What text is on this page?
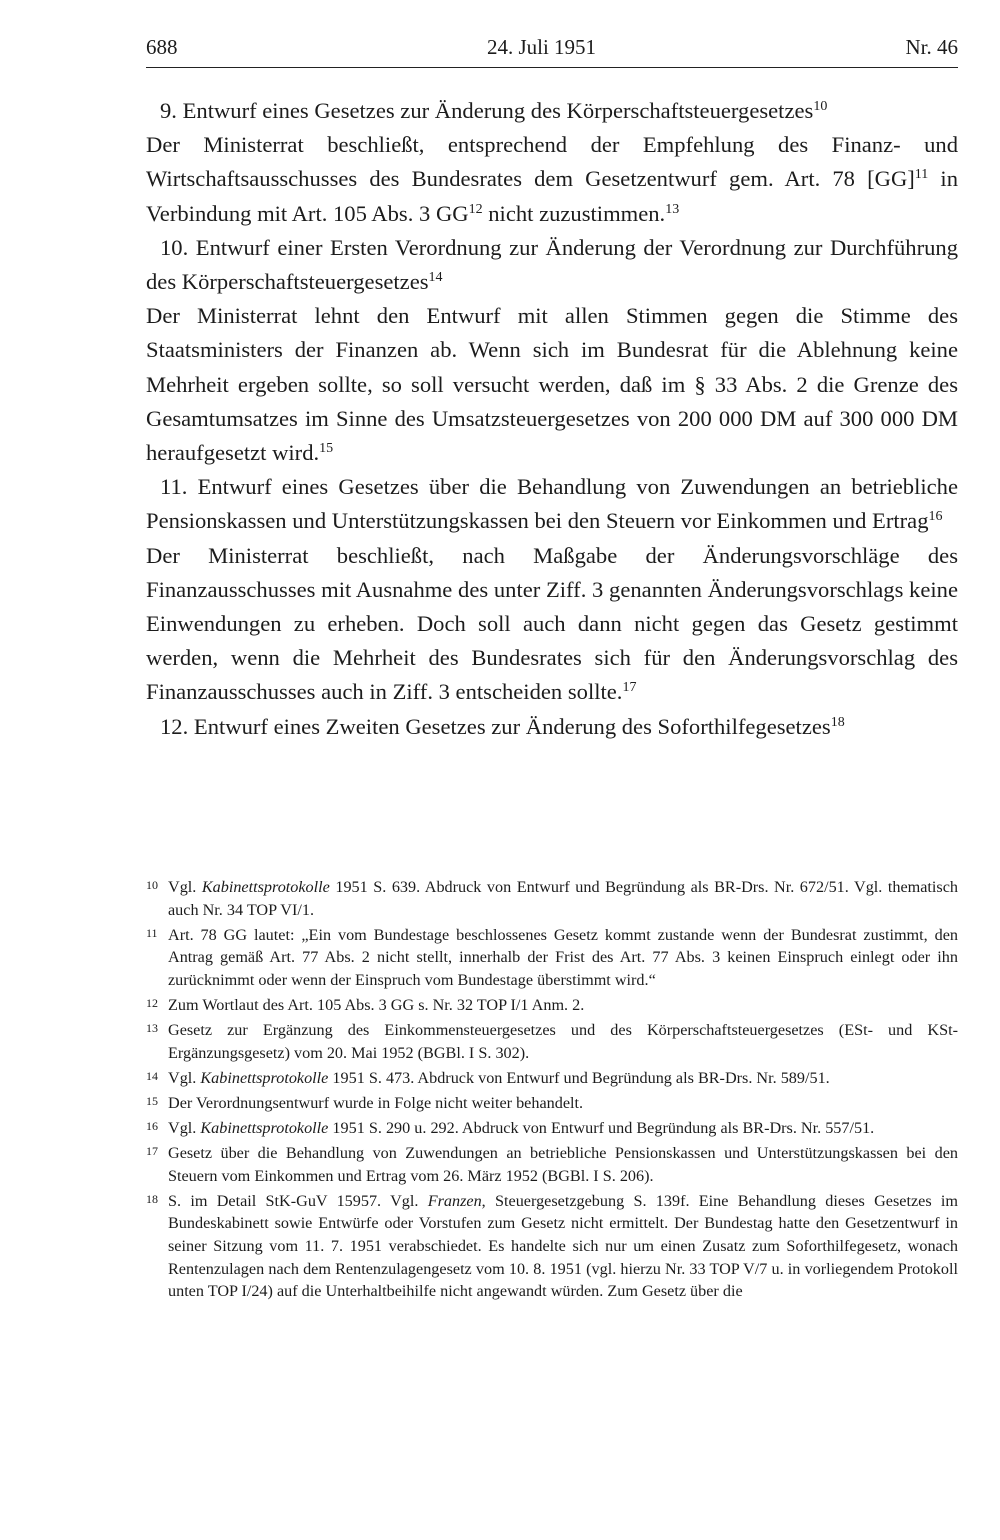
688	24. Juli 1951	Nr. 46

9. Entwurf eines Gesetzes zur Änderung des Körperschaftsteuergesetzes$^{10}$

Der Ministerrat beschließt, entsprechend der Empfehlung des Finanz- und Wirtschaftsausschusses des Bundesrates dem Gesetzentwurf gem. Art. 78 [GG]$^{11}$ in Verbindung mit Art. 105 Abs. 3 GG$^{12}$ nicht zuzustimmen.$^{13}$

10. Entwurf einer Ersten Verordnung zur Änderung der Verordnung zur Durchführung des Körperschaftsteuergesetzes$^{14}$

Der Ministerrat lehnt den Entwurf mit allen Stimmen gegen die Stimme des Staatsministers der Finanzen ab. Wenn sich im Bundesrat für die Ablehnung keine Mehrheit ergeben sollte, so soll versucht werden, daß im § 33 Abs. 2 die Grenze des Gesamtumsatzes im Sinne des Umsatzsteuergesetzes von 200 000 DM auf 300 000 DM heraufgesetzt wird.$^{15}$

11. Entwurf eines Gesetzes über die Behandlung von Zuwendungen an betriebliche Pensionskassen und Unterstützungskassen bei den Steuern vor Einkommen und Ertrag$^{16}$

Der Ministerrat beschließt, nach Maßgabe der Änderungsvorschläge des Finanzausschusses mit Ausnahme des unter Ziff. 3 genannten Änderungsvorschlags keine Einwendungen zu erheben. Doch soll auch dann nicht gegen das Gesetz gestimmt werden, wenn die Mehrheit des Bundesrates sich für den Änderungsvorschlag des Finanzausschusses auch in Ziff. 3 entscheiden sollte.$^{17}$

12. Entwurf eines Zweiten Gesetzes zur Änderung des Soforthilfegesetzes$^{18}$

10 Vgl. Kabinettsprotokolle 1951 S. 639. Abdruck von Entwurf und Begründung als BR-Drs. Nr. 672/51. Vgl. thematisch auch Nr. 34 TOP VI/1.
11 Art. 78 GG lautet: „Ein vom Bundestage beschlossenes Gesetz kommt zustande wenn der Bundesrat zustimmt, den Antrag gemäß Art. 77 Abs. 2 nicht stellt, innerhalb der Frist des Art. 77 Abs. 3 keinen Einspruch einlegt oder ihn zurücknimmt oder wenn der Einspruch vom Bundestage überstimmt wird.“
12 Zum Wortlaut des Art. 105 Abs. 3 GG s. Nr. 32 TOP I/1 Anm. 2.
13 Gesetz zur Ergänzung des Einkommensteuergesetzes und des Körperschaftsteuergesetzes (ESt- und KSt-Ergänzungsgesetz) vom 20. Mai 1952 (BGBl. I S. 302).
14 Vgl. Kabinettsprotokolle 1951 S. 473. Abdruck von Entwurf und Begründung als BR-Drs. Nr. 589/51.
15 Der Verordnungsentwurf wurde in Folge nicht weiter behandelt.
16 Vgl. Kabinettsprotokolle 1951 S. 290 u. 292. Abdruck von Entwurf und Begründung als BR-Drs. Nr. 557/51.
17 Gesetz über die Behandlung von Zuwendungen an betriebliche Pensionskassen und Unterstützungskassen bei den Steuern vom Einkommen und Ertrag vom 26. März 1952 (BGBl. I S. 206).
18 S. im Detail StK-GuV 15957. Vgl. Franzen, Steuergesetzgebung S. 139f. Eine Behandlung dieses Gesetzes im Bundeskabinett sowie Entwürfe oder Vorstufen zum Gesetz nicht ermittelt. Der Bundestag hatte den Gesetzentwurf in seiner Sitzung vom 11. 7. 1951 verabschiedet. Es handelte sich nur um einen Zusatz zum Soforthilfegesetz, wonach Rentenzulagen nach dem Rentenzulagengesetz vom 10. 8. 1951 (vgl. hierzu Nr. 33 TOP V/7 u. in vorliegendem Protokoll unten TOP I/24) auf die Unterhaltbeihilfe nicht angewandt würden. Zum Gesetz über die
